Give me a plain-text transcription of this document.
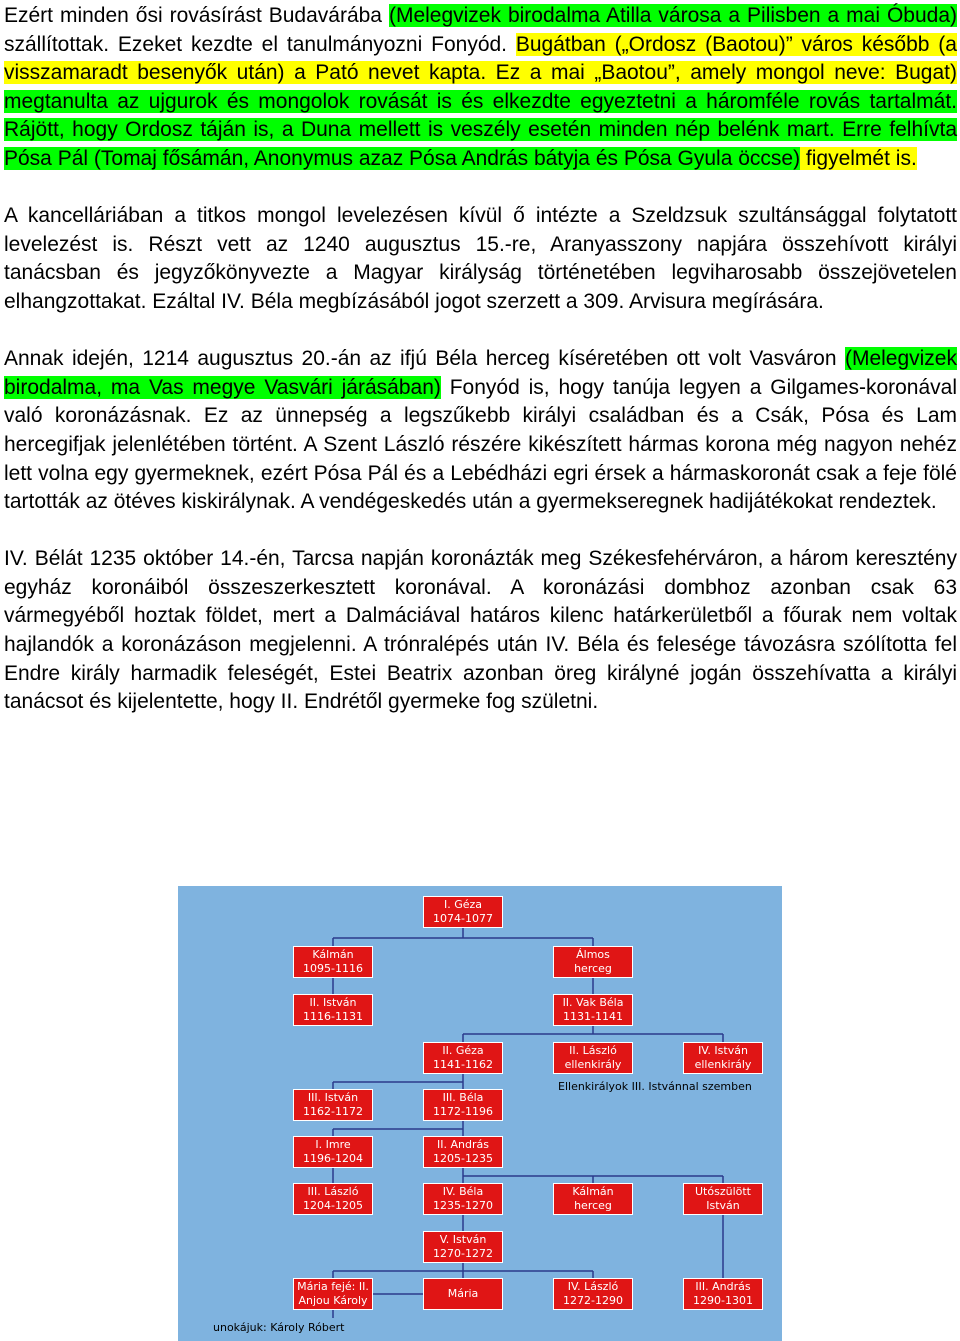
Ezért minden ősi rovásírást Budavárába (Melegvizek birodalma Atilla városa a Pilisben a mai Óbuda) szállítottak. Ezeket kezdte el tanulmányozni Fonyód. Bugátban („Ordosz (Baotou)” város később (a visszamaradt besenyők után) a Pató nevet kapta. Ez a mai „Baotou”, amely mongol neve: Bugat) megtanulta az ujgurok és mongolok rovását is és elkezdte egyeztetni a háromféle rovás tartalmát. Rájött, hogy Ordosz táján is, a Duna mellett is veszély esetén minden nép belénk mart. Erre felhívta Pósa Pál (Tomaj fősámán, Anonymus azaz Pósa András bátyja és Pósa Gyula öccse) figyelmét is.

A kancelláriában a titkos mongol levelezésen kívül ő intézte a Szeldzsuk szultánsággal folytatott levelezést is. Részt vett az 1240 augusztus 15.-re, Aranyasszony napjára összehívott királyi tanácsban és jegyzőkönyvezte a Magyar királyság történetében legviharosabb összejövetelen elhangzottakat. Ezáltal IV. Béla megbízásából jogot szerzett a 309. Arvisura megírására.

Annak idején, 1214 augusztus 20.-án az ifjú Béla herceg kíséretében ott volt Vasváron (Melegvizek birodalma, ma Vas megye Vasvári járásában) Fonyód is, hogy tanúja legyen a Gilgames-koronával való koronázásnak. Ez az ünnepség a legszűkebb királyi családban és a Csák, Pósa és Lam hercegifjak jelenlétében történt. A Szent László részére kikészített hármas korona még nagyon nehéz lett volna egy gyermeknek, ezért Pósa Pál és a Lebédházi egri érsek a hármaskoronát csak a feje fölé tartották az ötéves kiskirálynak. A vendégeskedés után a gyermekseregnek hadijátékokat rendeztek.

IV. Bélát 1235 október 14.-én, Tarcsa napján koronázták meg Székesfehérváron, a három keresztény egyház koronáiból összeszerkesztett koronával. A koronázási dombhoz azonban csak 63 vármegyéből hoztak földet, mert a Dalmáciával határos kilenc határkerületből a főurak nem voltak hajlandók a koronázáson megjelenni. A trónralépés után IV. Béla és felesége távozásra szólította fel Endre király harmadik feleségét, Estei Beatrix azonban öreg királyné jogán összehívatta a királyi tanácsot és kijelentette, hogy II. Endrétől gyermeke fog születni.

I. Géza
1074-1077
Kálmán
1095-1116
Álmos
herceg
II. István
1116-1131
II. Vak Béla
1131-1141
II. Géza
1141-1162
II. László
ellenkirály
IV. István
ellenkirály
Ellenkirályok III. Istvánnal szemben
III. István
1162-1172
III. Béla
1172-1196
I. Imre
1196-1204
II. András
1205-1235
III. László
1204-1205
IV. Béla
1235-1270
Kálmán
herceg
Utószülött
István
V. István
1270-1272
Mária fejé: II.
Anjou Károly
Mária
IV. László
1272-1290
III. András
1290-1301
unokájuk: Károly Róbert
